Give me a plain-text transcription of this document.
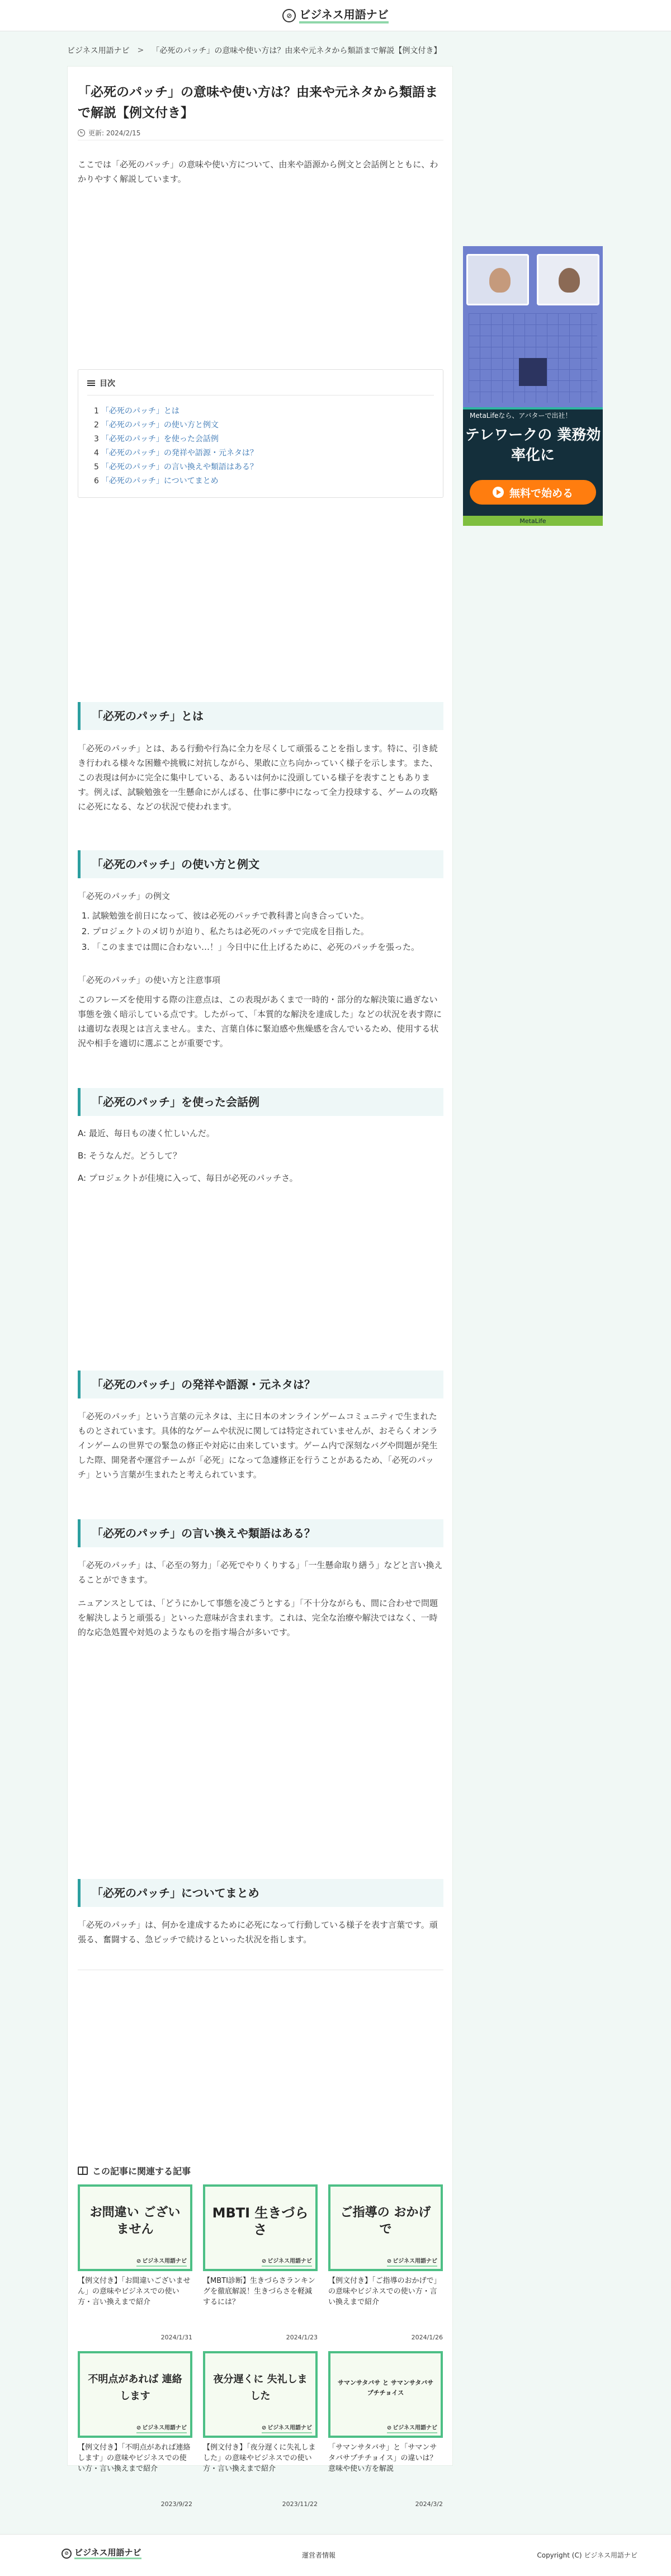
⊘ ビジネス用語ナビ
ビジネス用語ナビ > 「必死のパッチ」の意味や使い方は？由来や元ネタから類語まで解説【例文付き】
「必死のパッチ」の意味や使い方は？由来や元ネタから類語まで解説【例文付き】
更新: 2024/2/15

ここでは「必死のパッチ」の意味や使い方について、由来や語源から例文と会話例とともに、わかりやすく解説しています。

目次
1 「必死のパッチ」とは
2 「必死のパッチ」の使い方と例文
3 「必死のパッチ」を使った会話例
4 「必死のパッチ」の発祥や語源・元ネタは？
5 「必死のパッチ」の言い換えや類語はある？
6 「必死のパッチ」についてまとめ
「必死のパッチ」とは

「必死のパッチ」とは、ある行動や行為に全力を尽くして頑張ることを指します。特に、引き続き行われる様々な困難や挑戦に対抗しながら、果敢に立ち向かっていく様子を示します。また、この表現は何かに完全に集中している、あるいは何かに没頭している様子を表すこともあります。例えば、試験勉強を一生懸命にがんばる、仕事に夢中になって全力投球する、ゲームの攻略に必死になる、などの状況で使われます。

「必死のパッチ」の使い方と例文

「必死のパッチ」の例文

1. 試験勉強を前日になって、彼は必死のパッチで教科書と向き合っていた。
2. プロジェクトのメ切りが迫り、私たちは必死のパッチで完成を目指した。
3. 「このままでは間に合わない…！」今日中に仕上げるために、必死のパッチを張った。

「必死のパッチ」の使い方と注意事項

このフレーズを使用する際の注意点は、この表現があくまで一時的・部分的な解決策に過ぎない事態を強く暗示している点です。したがって、「本質的な解決を達成した」などの状況を表す際には適切な表現とは言えません。また、言葉自体に緊迫感や焦燥感を含んでいるため、使用する状況や相手を適切に選ぶことが重要です。

「必死のパッチ」を使った会話例

A: 最近、毎日もの凄く忙しいんだ。

B: そうなんだ。どうして？

A: プロジェクトが佳境に入って、毎日が必死のパッチさ。

「必死のパッチ」の発祥や語源・元ネタは？

「必死のパッチ」という言葉の元ネタは、主に日本のオンラインゲームコミュニティで生まれたものとされています。具体的なゲームや状況に関しては特定されていませんが、おそらくオンラインゲームの世界での緊急の修正や対応に由来しています。ゲーム内で深刻なバグや問題が発生した際、開発者や運営チームが「必死」になって急遽修正を行うことがあるため、「必死のパッチ」という言葉が生まれたと考えられています。

「必死のパッチ」の言い換えや類語はある？

「必死のパッチ」は、「必至の努力」「必死でやりくりする」「一生懸命取り繕う」などと言い換えることができます。

ニュアンスとしては、「どうにかして事態を凌ごうとする」「不十分ながらも、間に合わせで問題を解決しようと頑張る」といった意味が含まれます。これは、完全な治療や解決ではなく、一時的な応急処置や対処のようなものを指す場合が多いです。

「必死のパッチ」についてまとめ

「必死のパッチ」は、何かを達成するために必死になって行動している様子を表す言葉です。頑張る、奮闘する、急ピッチで続けるといった状況を指します。

この記事に関連する記事
お問違い ございません
⊘ ビジネス用語ナビ

【例文付き】「お間違いございません」の意味やビジネスでの使い方・言い換えまで紹介

2024/1/31
MBTI 生きづらさ
⊘ ビジネス用語ナビ

【MBTI診断】生きづらさランキングを徹底解説！生きづらさを軽減するには？

2024/1/23
ご指導の おかげで
⊘ ビジネス用語ナビ

【例文付き】「ご指導のおかげで」の意味やビジネスでの使い方・言い換えまで紹介

2024/1/26
不明点があれば 連絡します
⊘ ビジネス用語ナビ

【例文付き】「不明点があれば連絡します」の意味やビジネスでの使い方・言い換えまで紹介

2023/9/22
夜分遅くに 失礼しました
⊘ ビジネス用語ナビ

【例文付き】「夜分遅くに失礼しました」の意味やビジネスでの使い方・言い換えまで紹介

2023/11/22
サマンサタバサ と サマンサタバサプチチョイス
⊘ ビジネス用語ナビ

「サマンサタバサ」と「サマンサタバサプチチョイス」の違いは？意味や使い方を解説

2024/3/2
MetaLifeなら、アバターで出社！
テレワークの 業務効率化に
無料で始める
MetaLife
⊘ ビジネス用語ナビ	運営者情報	Copyright (C) ビジネス用語ナビ
